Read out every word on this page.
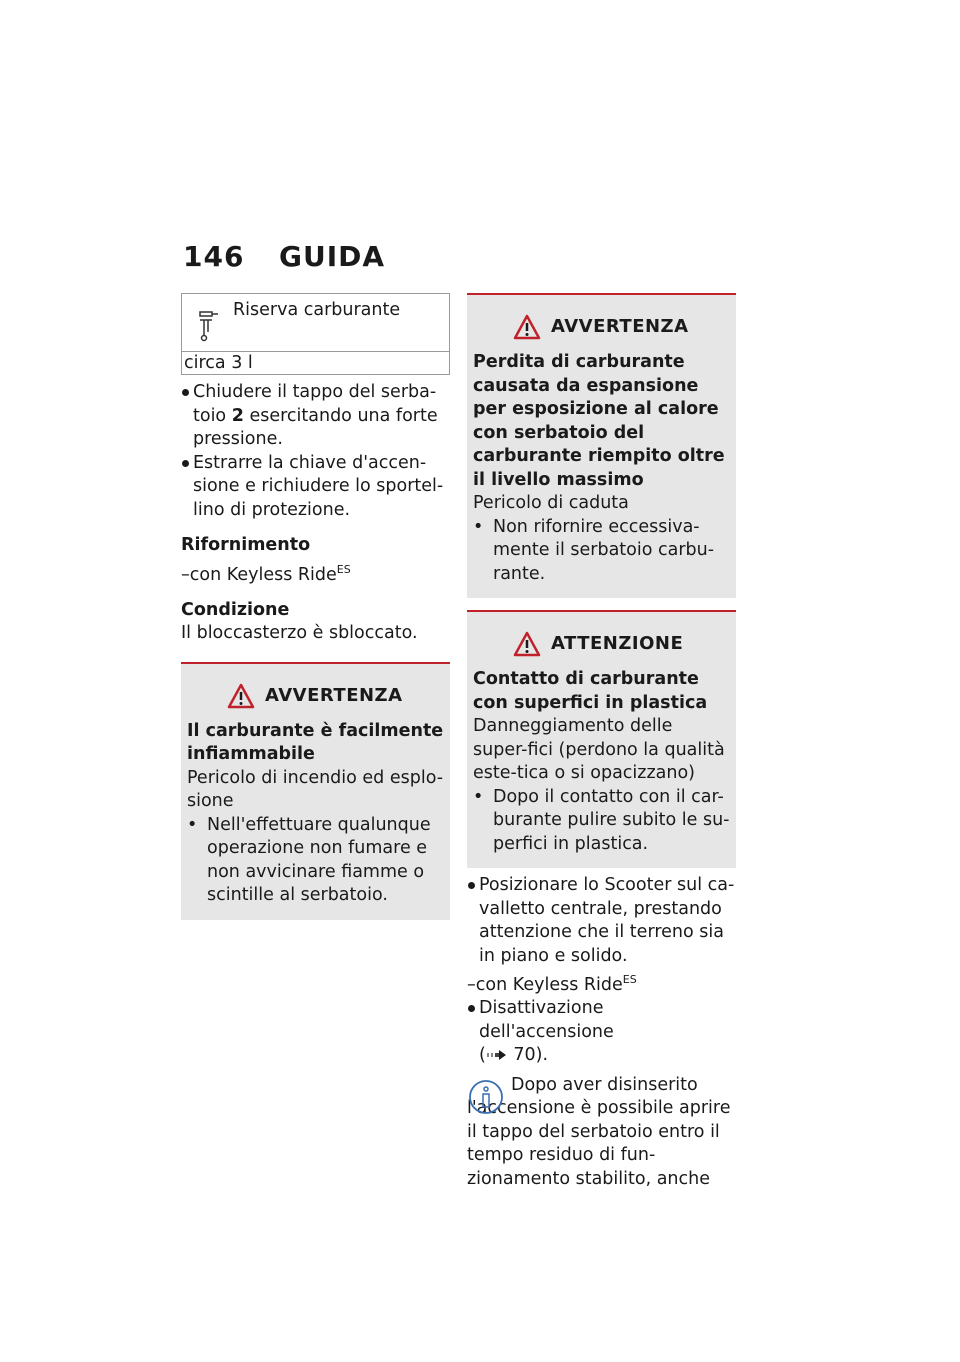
146 GUIDA
Riserva carburante
circa 3 l
Chiudere il tappo del serba-toio 2 esercitando una forte pressione.
Estrarre la chiave d'accen-sione e richiudere lo sportel-lino di protezione.
Rifornimento
–con Keyless Ride$^{ES}$
Condizione
Il bloccasterzo è sbloccato.
AVVERTENZA
Il carburante è facilmente infiammabile
Pericolo di incendio ed esplo-sione
• Nell'effettuare qualunque operazione non fumare e non avvicinare fiamme o scintille al serbatoio.
AVVERTENZA
Perdita di carburante causata da espansione per esposizione al calore con serbatoio del carburante riempito oltre il livello massimo
Pericolo di caduta
• Non rifornire eccessiva-mente il serbatoio carbu-rante.
ATTENZIONE
Contatto di carburante con superfici in plastica
Danneggiamento delle super-fici (perdono la qualità este-tica o si opacizzano)
• Dopo il contatto con il car-burante pulire subito le su-perfici in plastica.
Posizionare lo Scooter sul ca-valletto centrale, prestando attenzione che il terreno sia in piano e solido.
–con Keyless Ride$^{ES}$
Disattivazione dell'accensione
( 70).
Dopo aver disinserito l'accensione è possibile aprire il tappo del serbatoio entro il tempo residuo di fun-zionamento stabilito, anche
